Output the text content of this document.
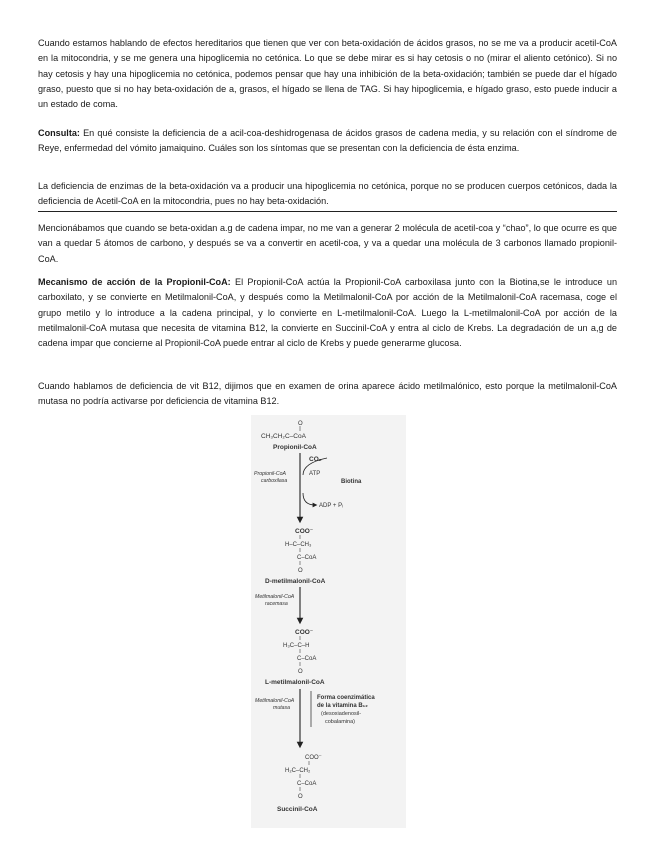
Cuando estamos hablando de efectos hereditarios que tienen que ver con beta-oxidación de ácidos grasos, no se me va a producir acetil-CoA en la mitocondria, y se me genera una hipoglicemia no cetónica. Lo que se debe mirar es si hay cetosis o no (mirar el aliento cetónico). Si no hay cetosis y hay una hipoglicemia no cetónica, podemos pensar que hay una inhibición de la beta-oxidación; también se puede dar el hígado graso, puesto que si no hay beta-oxidación de a, grasos, el hígado se llena de TAG. Si hay hipoglicemia, e hígado graso, esto puede inducir a un estado de coma.

Consulta: En qué consiste la deficiencia de a acil-coa-deshidrogenasa de ácidos grasos de cadena media, y su relación con el síndrome de Reye, enfermedad del vómito jamaiquino. Cuáles son los síntomas que se presentan con la deficiencia de ésta enzima.

La deficiencia de enzimas de la beta-oxidación va a producir una hipoglicemia no cetónica, porque no se producen cuerpos cetónicos, dada la deficiencia de Acetil-CoA en la mitocondria, pues no hay beta-oxidación.

Mencionábamos que cuando se beta-oxidan a.g de cadena impar, no me van a generar 2 molécula de acetil-coa y “chao”, lo que ocurre es que van a quedar 5 átomos de carbono, y después se va a convertir en acetil-coa, y va a quedar una molécula de 3 carbonos llamado propionil-CoA.

Mecanismo de acción de la Propionil-CoA: El Propionil-CoA actúa la Propionil-CoA carboxilasa junto con la Biotina,se le introduce un carboxilato, y se convierte en Metilmalonil-CoA, y después como la Metilmalonil-CoA por acción de la Metilmalonil-CoA racemasa, coge el grupo metilo y lo introduce a la cadena principal, y lo convierte en L-metilmalonil-CoA. Luego la L-metilmalonil-CoA por acción de la metilmalonil-CoA mutasa que necesita de vitamina B12, la convierte en Succinil-CoA y entra al ciclo de Krebs. La degradación de un a,g de cadena impar que concierne al Propionil-CoA puede entrar al ciclo de Krebs y puede generarme glucosa.

Cuando hablamos de deficiencia de vit B12, dijimos que en examen de orina aparece ácido metilmalónico, esto porque la metilmalonil-CoA mutasa no podría activarse por deficiencia de vitamina B12.

O
CH₃CH₂C–CoA
Propionil-CoA
CO₂
ATP
Biotina
Propionil-CoA
carboxilasa
ADP + Pᵢ
COO⁻
H–C–CH₃
C–CoA
O
D-metilmalonil-CoA
Metilmalonil-CoA
racemasa
COO⁻
H₃C–C–H
C–CoA
O
L-metilmalonil-CoA
Metilmalonil-CoA
mutasa
Forma coenzimática
de la vitamina B₁₂
(desoxiadenosil-
cobalamina)
COO⁻
H₂C–CH₂
C–CoA
O
Succinil-CoA
